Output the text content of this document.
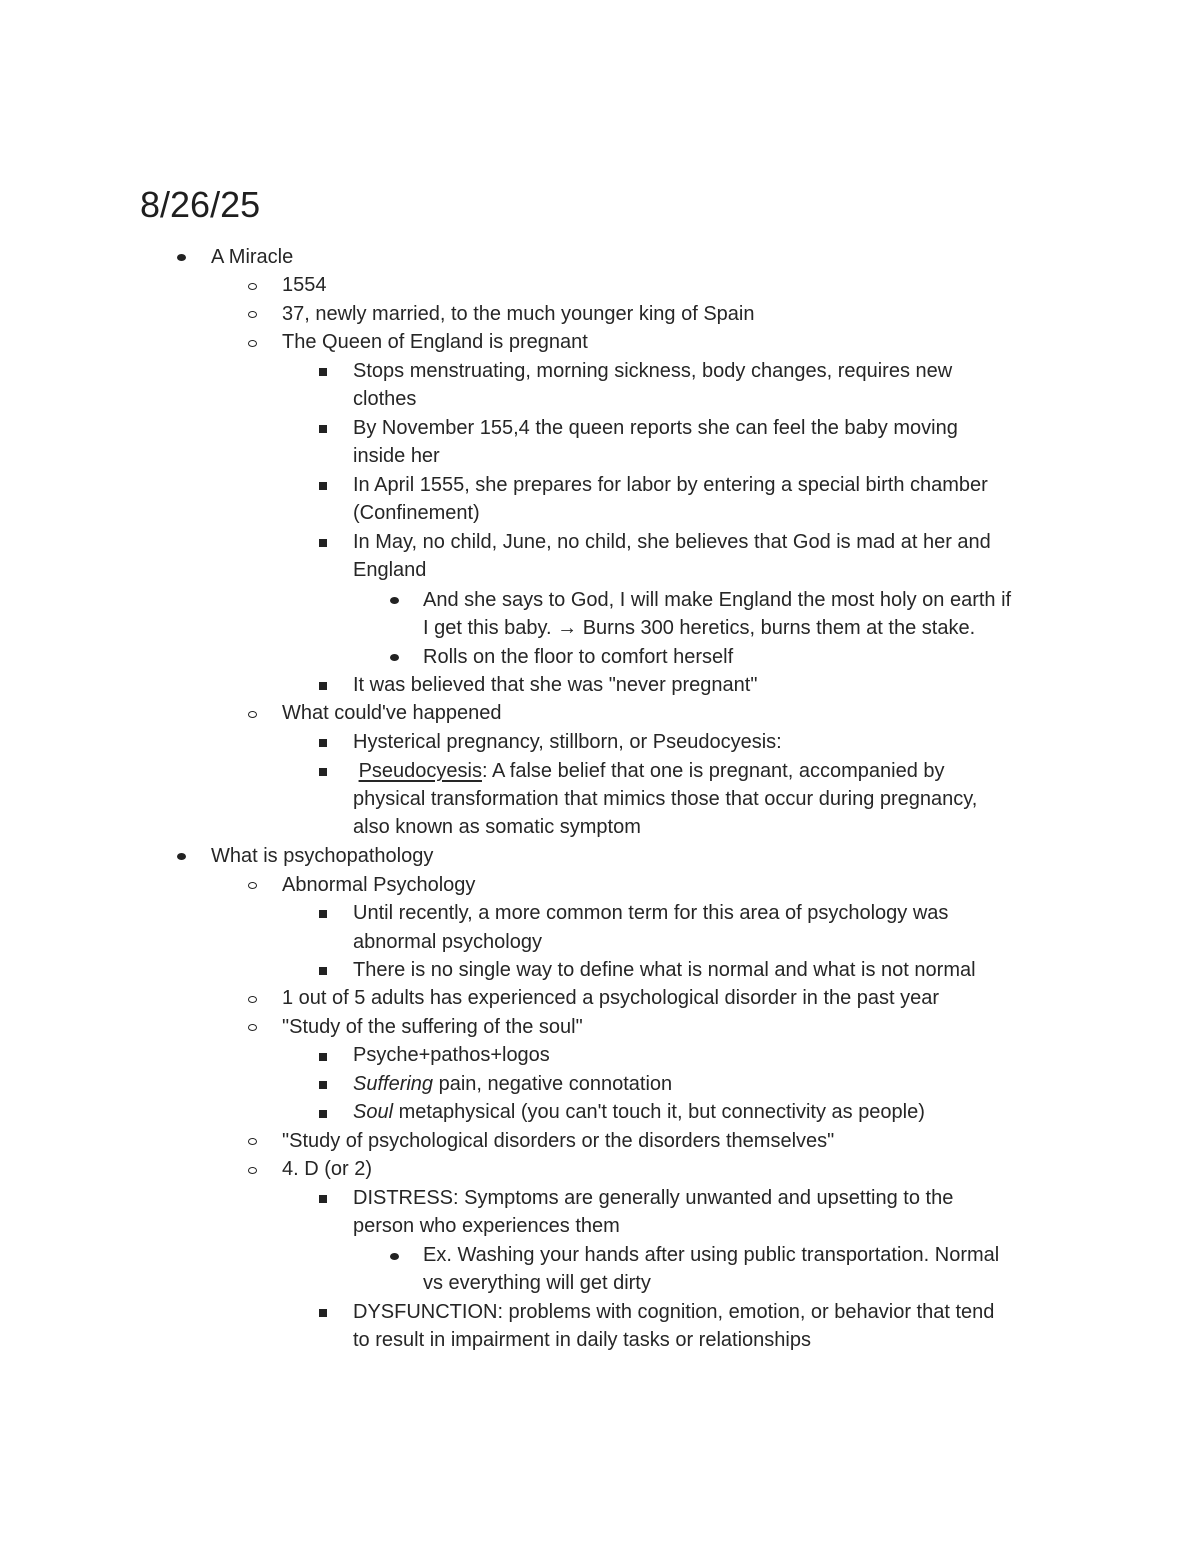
8/26/25
A Miracle
1554
37, newly married, to the much younger king of Spain
The Queen of England is pregnant
Stops menstruating, morning sickness, body changes, requires new
clothes
By November 155,4 the queen reports she can feel the baby moving
inside her
In April 1555, she prepares for labor by entering a special birth chamber
(Confinement)
In May, no child, June, no child, she believes that God is mad at her and
England
And she says to God, I will make England the most holy on earth if
I get this baby. → Burns 300 heretics, burns them at the stake.
Rolls on the floor to comfort herself
It was believed that she was "never pregnant"
What could've happened
Hysterical pregnancy, stillborn, or Pseudocyesis:
Pseudocyesis: A false belief that one is pregnant, accompanied by
physical transformation that mimics those that occur during pregnancy,
also known as somatic symptom
What is psychopathology
Abnormal Psychology
Until recently, a more common term for this area of psychology was
abnormal psychology
There is no single way to define what is normal and what is not normal
1 out of 5 adults has experienced a psychological disorder in the past year
"Study of the suffering of the soul"
Psyche+pathos+logos
Suffering pain, negative connotation
Soul metaphysical (you can't touch it, but connectivity as people)
"Study of psychological disorders or the disorders themselves"
4. D (or 2)
DISTRESS: Symptoms are generally unwanted and upsetting to the
person who experiences them
Ex. Washing your hands after using public transportation. Normal
vs everything will get dirty
DYSFUNCTION: problems with cognition, emotion, or behavior that tend
to result in impairment in daily tasks or relationships
